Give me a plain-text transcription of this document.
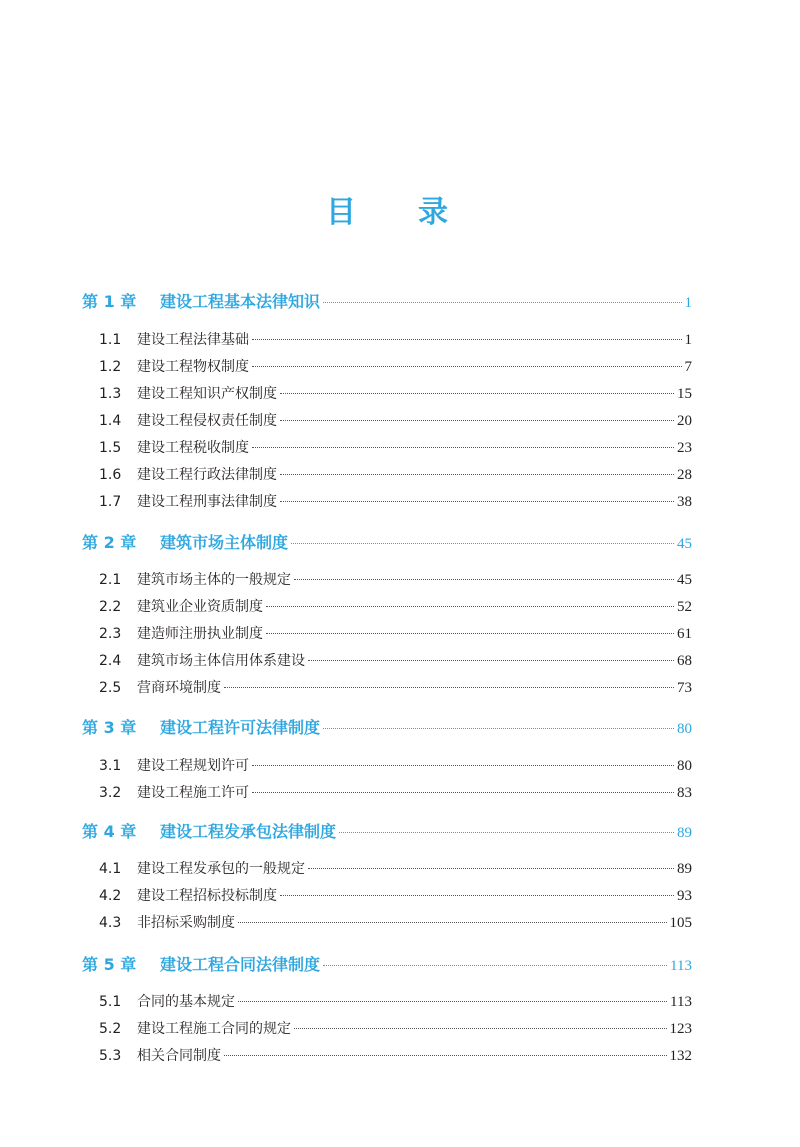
目 录
第 1 章	建设工程基本法律知识	1
1.1	建设工程法律基础	1
1.2	建设工程物权制度	7
1.3	建设工程知识产权制度	15
1.4	建设工程侵权责任制度	20
1.5	建设工程税收制度	23
1.6	建设工程行政法律制度	28
1.7	建设工程刑事法律制度	38
第 2 章	建筑市场主体制度	45
2.1	建筑市场主体的一般规定	45
2.2	建筑业企业资质制度	52
2.3	建造师注册执业制度	61
2.4	建筑市场主体信用体系建设	68
2.5	营商环境制度	73
第 3 章	建设工程许可法律制度	80
3.1	建设工程规划许可	80
3.2	建设工程施工许可	83
第 4 章	建设工程发承包法律制度	89
4.1	建设工程发承包的一般规定	89
4.2	建设工程招标投标制度	93
4.3	非招标采购制度	105
第 5 章	建设工程合同法律制度	113
5.1	合同的基本规定	113
5.2	建设工程施工合同的规定	123
5.3	相关合同制度	132
